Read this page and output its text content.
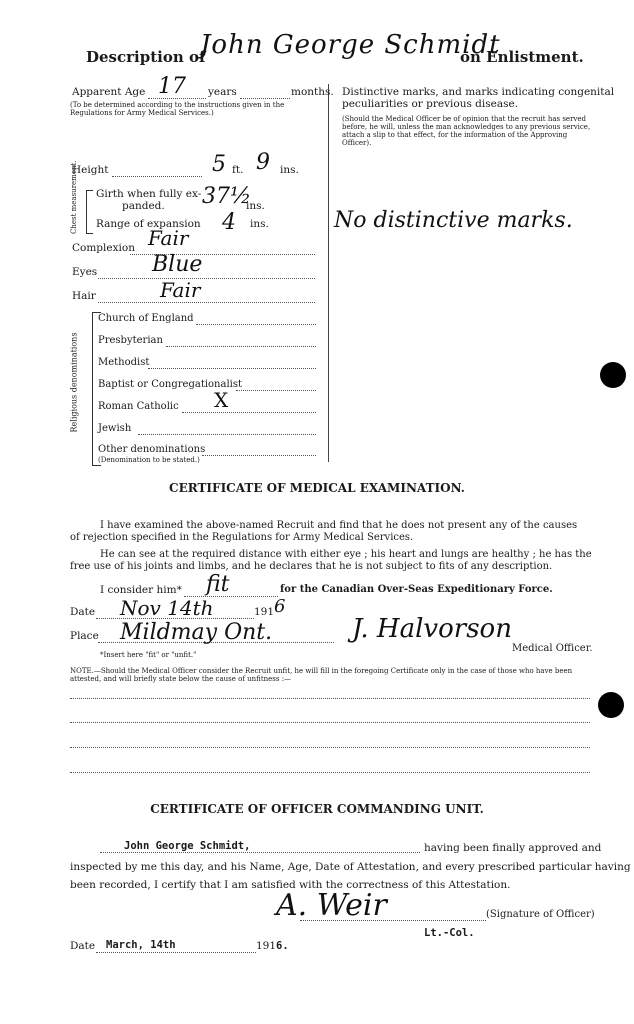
Description of
John George Schmidt
on Enlistment.
Apparent Age 17 years	months.
(To be determined according to the instructions given in the Regulations for Army Medical Services.)
Height	5 ft. 9 ins.
Chest measurement. Girth when fully ex-
panded. 37½
ins.
Range of expansion 4 ins.
Complexion Fair
Eyes Blue
Hair	Fair
Religious denominations
Church of England
Presbyterian
Methodist
Baptist or Congregationalist
Roman Catholic X
Jewish
Other denominations
(Denomination to be stated.)
Distinctive marks, and marks indicating congenital
peculiarities or previous disease.
(Should the Medical Officer be of opinion that the recruit has served before, he will, unless the man acknowledges to any previous service, attach a slip to that effect, for the information of the Approving Officer).
No distinctive marks.
CERTIFICATE OF MEDICAL EXAMINATION.
I have examined the above-named Recruit and find that he does not present any of the causes
of rejection specified in the Regulations for Army Medical Services.
He can see at the required distance with either eye ; his heart and lungs are healthy ; he has the
free use of his joints and limbs, and he declares that he is not subject to fits of any description.
I consider him* fit	for the Canadian Over-Seas Expeditionary Force.
Date Nov 14th	191 6
Place Mildmay Ont.	J. Halvorson
Medical Officer.
*Insert here "fit" or "unfit."
NOTE.—Should the Medical Officer consider the Recruit unfit, he will fill in the foregoing Certificate only in the case of those who have been attested, and will briefly state below the cause of unfitness :—
CERTIFICATE OF OFFICER COMMANDING UNIT.
John George Schmidt,	having been finally approved and
inspected by me this day, and his Name, Age, Date of Attestation, and every prescribed particular having
been recorded, I certify that I am satisfied with the correctness of this Attestation.
A. Weir	(Signature of Officer)
Lt.-Col.
Date March, 14th	191 6.
